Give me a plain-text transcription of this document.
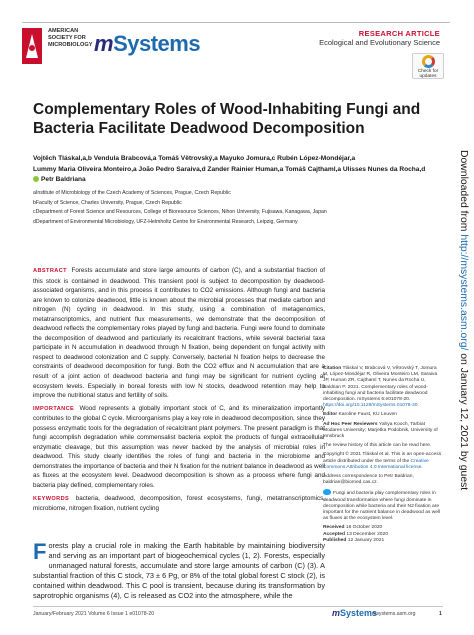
AMERICAN
SOCIETY FOR
MICROBIOLOGY mSystems	RESEARCH ARTICLE
Ecological and Evolutionary Science
Check for updates
Complementary Roles of Wood-Inhabiting Fungi and Bacteria Facilitate Deadwood Decomposition
Vojtěch Tláskal,a,b Vendula Brabcová,a Tomáš Větrovský,a Mayuko Jomura,c Rubén López-Mondéjar,a
Lummy Maria Oliveira Monteiro,a João Pedro Saraiva,d Zander Rainier Human,a Tomáš Cajthaml,a Ulisses Nunes da Rocha,d
Petr Baldriana
aInstitute of Microbiology of the Czech Academy of Sciences, Prague, Czech Republic
bFaculty of Science, Charles University, Prague, Czech Republic
cDepartment of Forest Science and Resources, College of Bioresource Sciences, Nihon University, Fujisawa, Kanagawa, Japan
dDepartment of Environmental Microbiology, UFZ-Helmholtz Centre for Environmental Research, Leipzig, Germany
ABSTRACT Forests accumulate and store large amounts of carbon (C), and a substantial fraction of this stock is contained in deadwood. This transient pool is subject to decomposition by deadwood-associated organisms, and in this process it contributes to CO2 emissions. Although fungi and bacteria are known to colonize deadwood, little is known about the microbial processes that mediate carbon and nitrogen (N) cycling in deadwood. In this study, using a combination of metagenomics, metatranscriptomics, and nutrient flux measurements, we demonstrate that the decomposition of deadwood reflects the complementary roles played by fungi and bacteria. Fungi were found to dominate the decomposition of deadwood and particularly its recalcitrant fractions, while several bacterial taxa participate in N accumulation in deadwood through N fixation, being dependent on fungal activity with respect to deadwood colonization and C supply. Conversely, bacterial N fixation helps to decrease the constraints of deadwood decomposition for fungi. Both the CO2 efflux and N accumulation that are a result of a joint action of deadwood bacteria and fungi may be significant for nutrient cycling at ecosystem levels. Especially in boreal forests with low N stocks, deadwood retention may help to improve the nutritional status and fertility of soils.
IMPORTANCE Wood represents a globally important stock of C, and its mineralization importantly contributes to the global C cycle. Microorganisms play a key role in deadwood decomposition, since they possess enzymatic tools for the degradation of recalcitrant plant polymers. The present paradigm is that fungi accomplish degradation while commensalist bacteria exploit the products of fungal extracellular enzymatic cleavage, but this assumption was never backed by the analysis of microbial roles in deadwood. This study clearly identifies the roles of fungi and bacteria in the microbiome and demonstrates the importance of bacteria and their N fixation for the nutrient balance in deadwood as well as fluxes at the ecosystem level. Deadwood decomposition is shown as a process where fungi and bacteria play defined, complementary roles.
KEYWORDS bacteria, deadwood, decomposition, forest ecosystems, fungi, metatranscriptomics, microbiome, nitrogen fixation, nutrient cycling
Citation Tláskal V, Brabcová V, Větrovský T, Jomura M, López-Mondéjar R, Oliveira Monteiro LM, Saraiva JP, Human ZR, Cajthaml T, Nunes da Rocha U, Baldrian P. 2021. Complementary roles of wood-inhabiting fungi and bacteria facilitate deadwood decomposition. mSystems 6:e01078-20. https://doi.org/10.1128/mSystems.01078-20.
Editor Karoline Faust, KU Leuven
Ad Hoc Peer Reviewers Yahya Kooch, Tarbiat Modares University; Marjetka Podobnik, University of Innsbruck
The review history of this article can be read here.
Copyright © 2021 Tláskal et al. This is an open-access article distributed under the terms of the Creative Commons Attribution 4.0 International license.
Address correspondence to Petr Baldrian, baldrian@biomed.cas.cz.
Fungi and bacteria play complementary roles in deadwood transformation where fungi dominate in decomposition while bacteria and their N2 fixation are important for the nutrient balance in deadwood as well as fluxes at the ecosystem level.
Received 16 October 2020
Accepted 13 December 2020
Published 12 January 2021
Forests play a crucial role in making the Earth habitable by maintaining biodiversity and serving as an important part of biogeochemical cycles (1, 2). Forests, especially unmanaged natural forests, accumulate and store large amounts of carbon (C) (3). A substantial fraction of this C stock, 73 ± 6 Pg, or 8% of the total global forest C stock (2), is contained within deadwood. This C pool is transient, because during its transformation by saprotrophic organisms (4), C is released as CO2 into the atmosphere, while the
January/February 2021 Volume 6 Issue 1 e01078-20	mSystems
msystems.asm.org	1
Downloaded from http://msystems.asm.org/ on January 12, 2021 by guest
